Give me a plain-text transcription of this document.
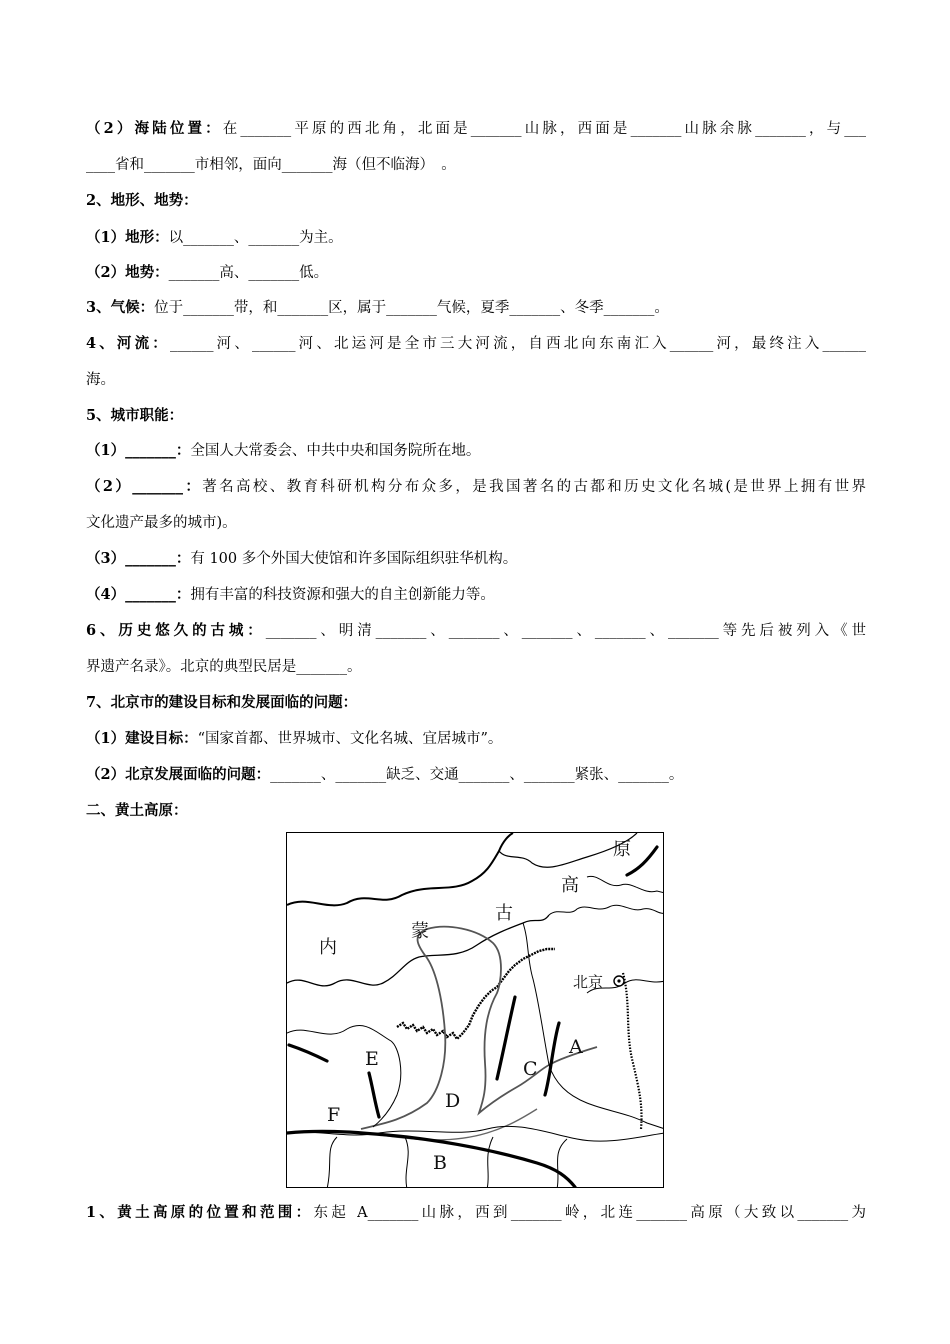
（2）海陆位置：在_______平原的西北角，北面是_______山脉，西面是_______山脉余脉_______，与___
____省和_______市相邻，面向_______海（但不临海）　。
2、地形、地势：
（1）地形：以_______、_______为主。
（2）地势：_______高、_______低。
3、气候：位于_______带，和_______区，属于_______气候，夏季_______、冬季_______。
4、河流：______河、______河、北运河是全市三大河流，自西北向东南汇入______河，最终注入______
海。
5、城市职能：
（1）_______：全国人大常委会、中共中央和国务院所在地。
（2）_______：著名高校、教育科研机构分布众多，是我国著名的古都和历史文化名城(是世界上拥有世界
文化遗产最多的城市)。
（3）_______：有 100 多个外国大使馆和许多国际组织驻华机构。
（4）_______：拥有丰富的科技资源和强大的自主创新能力等。
6、历史悠久的古城：_______、明清_______、_______、_______、_______、_______等先后被列入《世
界遗产名录》。北京的典型民居是_______。
7、北京市的建设目标和发展面临的问题：
（1）建设目标：“国家首都、世界城市、文化名城、宜居城市”。
（2）北京发展面临的问题：_______、_______缺乏、交通_______、_______紧张、_______。
二、黄土高原：
1、黄土高原的位置和范围：东起 A_______山脉，西到_______岭，北连_______高原（大致以_______为
原
高
古
蒙
内
北京
A
C
E
D
F
B
